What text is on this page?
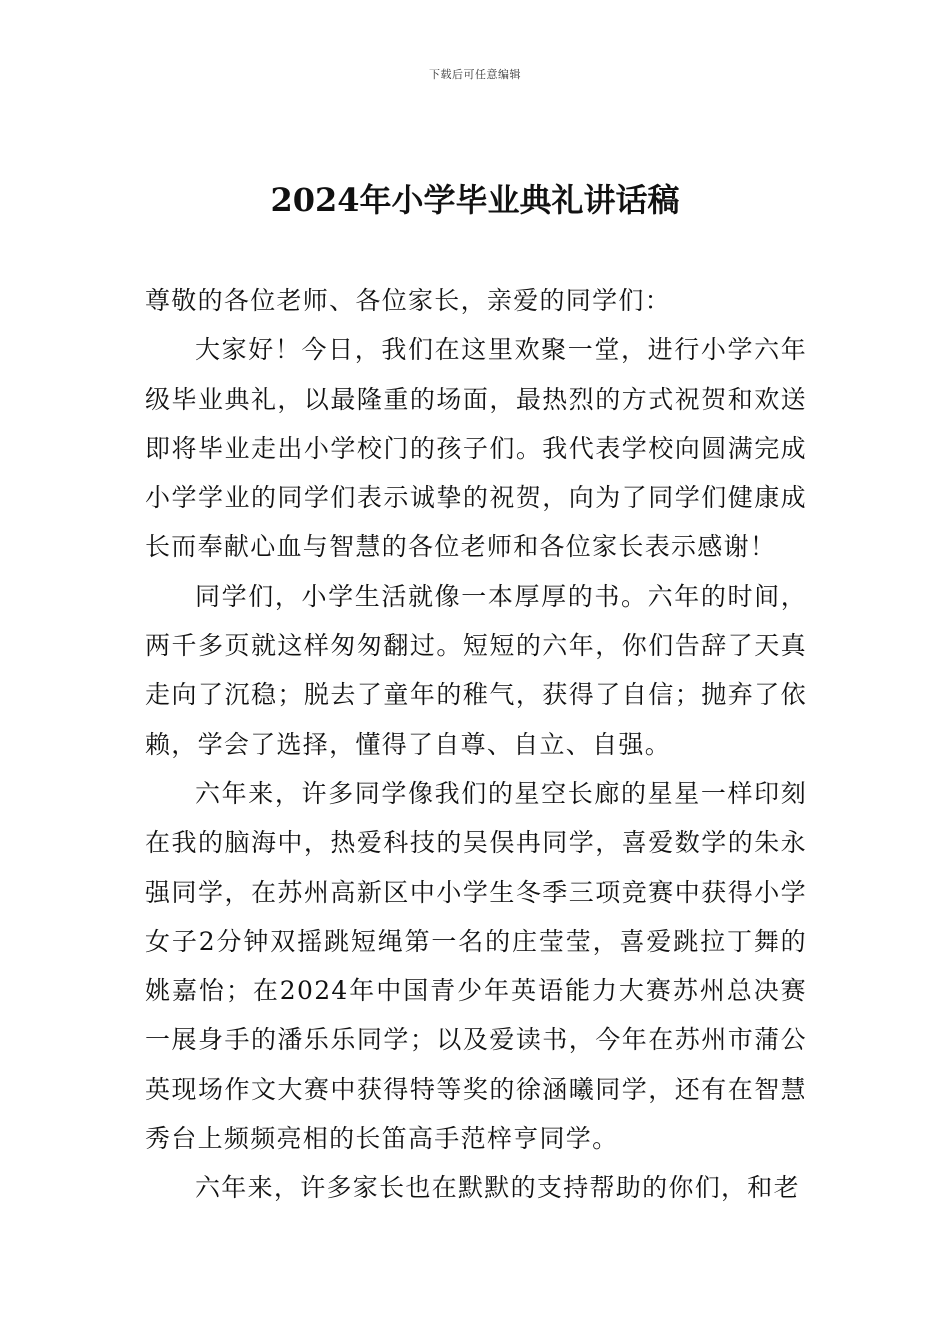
下载后可任意编辑
2024年小学毕业典礼讲话稿

尊敬的各位老师、各位家长，亲爱的同学们：

大家好！今日，我们在这里欢聚一堂，进行小学六年级毕业典礼，以最隆重的场面，最热烈的方式祝贺和欢送即将毕业走出小学校门的孩子们。我代表学校向圆满完成小学学业的同学们表示诚挚的祝贺，向为了同学们健康成长而奉献心血与智慧的各位老师和各位家长表示感谢！

同学们，小学生活就像一本厚厚的书。六年的时间，两千多页就这样匆匆翻过。短短的六年，你们告辞了天真走向了沉稳；脱去了童年的稚气，获得了自信；抛弃了依赖，学会了选择，懂得了自尊、自立、自强。

六年来，许多同学像我们的星空长廊的星星一样印刻在我的脑海中，热爱科技的吴俣冉同学，喜爱数学的朱永强同学，在苏州高新区中小学生冬季三项竞赛中获得小学女子2分钟双摇跳短绳第一名的庄莹莹，喜爱跳拉丁舞的姚嘉怡；在2024年中国青少年英语能力大赛苏州总决赛一展身手的潘乐乐同学；以及爱读书，今年在苏州市蒲公英现场作文大赛中获得特等奖的徐涵曦同学，还有在智慧秀台上频频亮相的长笛高手范梓亨同学。

六年来，许多家长也在默默的支持帮助的你们，和老
